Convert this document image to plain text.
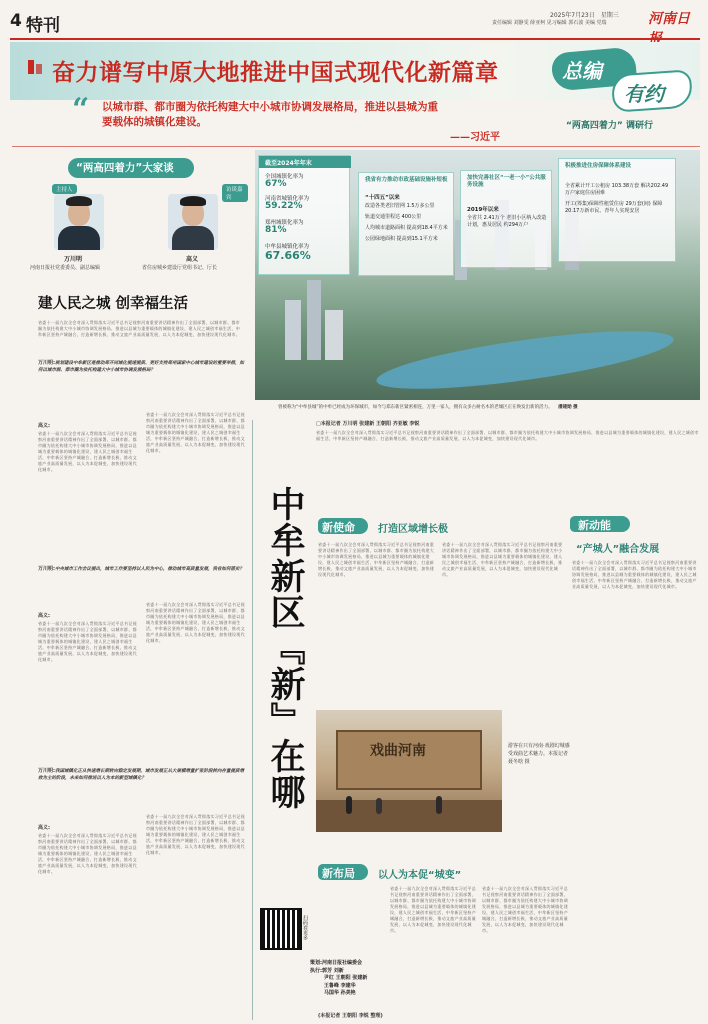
4 特刊
2025年7月23日　星期三
责任编辑 刘静雯 薛亚柯 见习编辑 郭石波 美编 党瑞	河南日报
奋力谱写中原大地推进中国式现代化新篇章	总编
有约
“两高四着力” 调研行
“ 以城市群、都市圈为依托构建大中小城市协调发展格局，推进以县城为重要载体的城镇化建设。
——习近平
“两高四着力”大家谈
主持人
万川明
河南日报社党委委员、副总编辑
访谈嘉宾
高义
省住房城乡建设厅党组书记、厅长
建人民之城 创幸福生活
省委十一届九次全会对深入贯彻落实习近平总书记视察河南重要讲话精神作出了全面部署，以城市群、都市圈为依托构建大中小城市协调发展格局，推进以县城为重要载体的城镇化建设，建人民之城创幸福生活，中牟新区坚持产城融合，打造新增长极，推动文旅产业高质量发展，以人为本促城变，加快建设现代化城市。
万川明:规划建设中牟新区是推动郑开同城化提速提质、更好支持郑州国家中心城市建设的重要举措，如何以城市群、都市圈为依托构建大中小城市协调发展格局？
高义:
省委十一届九次全会对深入贯彻落实习近平总书记视察河南重要讲话精神作出了全面部署，以城市群、都市圈为依托构建大中小城市协调发展格局，推进以县城为重要载体的城镇化建设，建人民之城创幸福生活，中牟新区坚持产城融合，打造新增长极，推动文旅产业高质量发展，以人为本促城变，加快建设现代化城市。
省委十一届九次全会对深入贯彻落实习近平总书记视察河南重要讲话精神作出了全面部署，以城市群、都市圈为依托构建大中小城市协调发展格局，推进以县城为重要载体的城镇化建设，建人民之城创幸福生活，中牟新区坚持产城融合，打造新增长极，推动文旅产业高质量发展，以人为本促城变，加快建设现代化城市。
万川明:中央城市工作会议提出，城市工作要坚持以人民为中心，推动城市高质量发展，我省如何落实？
高义:
省委十一届九次全会对深入贯彻落实习近平总书记视察河南重要讲话精神作出了全面部署，以城市群、都市圈为依托构建大中小城市协调发展格局，推进以县城为重要载体的城镇化建设，建人民之城创幸福生活，中牟新区坚持产城融合，打造新增长极，推动文旅产业高质量发展，以人为本促城变，加快建设现代化城市。
省委十一届九次全会对深入贯彻落实习近平总书记视察河南重要讲话精神作出了全面部署，以城市群、都市圈为依托构建大中小城市协调发展格局，推进以县城为重要载体的城镇化建设，建人民之城创幸福生活，中牟新区坚持产城融合，打造新增长极，推动文旅产业高质量发展，以人为本促城变，加快建设现代化城市。
万川明:我国城镇化正从快速增长期转向稳定发展期，城市发展正从大规模增量扩张阶段转向存量提质增效为主的阶段，未来如何推进以人为本的新型城镇化？
高义:
省委十一届九次全会对深入贯彻落实习近平总书记视察河南重要讲话精神作出了全面部署，以城市群、都市圈为依托构建大中小城市协调发展格局，推进以县城为重要载体的城镇化建设，建人民之城创幸福生活，中牟新区坚持产城融合，打造新增长极，推动文旅产业高质量发展，以人为本促城变，加快建设现代化城市。
省委十一届九次全会对深入贯彻落实习近平总书记视察河南重要讲话精神作出了全面部署，以城市群、都市圈为依托构建大中小城市协调发展格局，推进以县城为重要载体的城镇化建设，建人民之城创幸福生活，中牟新区坚持产城融合，打造新增长极，推动文旅产业高质量发展，以人为本促城变，加快建设现代化城市。
截至2024年年末
全国城镇化率为
67%
河南省城镇化率为
59.22%
郑州城镇化率为
81%
中牟县城镇化率为
67.66%
我省有力推动市政基础设施补短板
“十四五”以来
改造各类老旧管网 1.5万多公里
轨道交通里程达 400公里
人均城市道路面积 提高到18.4平方米
公园绿地面积 提高到15.1平方米
加快完善社区“一老一小”公共服务设施
2019年以来
全省共 2.41万个 老旧小区纳入改造计划，惠及居民 约294万户
积极推进住房保障体系建设
全省累计开工公租房 103.38万套 解决202.49万户家庭住房困难
开工(筹集)保障性租赁住房 29万套(间) 保障20.17万新市民、青年人实现安居
曾被称为“中牟县城”的中牟已经成为环保城市，如今与郑东新区紧密相连，万里一家人，拥有众多古树名木的老城区正在焕发出新的活力。 潘建勋 摄
□本报记者 万川明 张建新 王朝阳 齐亚敏 李锐
省委十一届九次全会对深入贯彻落实习近平总书记视察河南重要讲话精神作出了全面部署，以城市群、都市圈为依托构建大中小城市协调发展格局，推进以县城为重要载体的城镇化建设，建人民之城创幸福生活，中牟新区坚持产城融合，打造新增长极，推动文旅产业高质量发展，以人为本促城变，加快建设现代化城市。
中牟新区『新』在哪
扫码看更多
策划:河南日报社编委会
执行:郭芳 刘新
尹红 王朝阳 张建新
王鲁峰 李建华
马国华 孙美艳
新使命 打造区域增长极
省委十一届九次全会对深入贯彻落实习近平总书记视察河南重要讲话精神作出了全面部署，以城市群、都市圈为依托构建大中小城市协调发展格局，推进以县城为重要载体的城镇化建设，建人民之城创幸福生活，中牟新区坚持产城融合，打造新增长极，推动文旅产业高质量发展，以人为本促城变，加快建设现代化城市。
省委十一届九次全会对深入贯彻落实习近平总书记视察河南重要讲话精神作出了全面部署，以城市群、都市圈为依托构建大中小城市协调发展格局，推进以县城为重要载体的城镇化建设，建人民之城创幸福生活，中牟新区坚持产城融合，打造新增长极，推动文旅产业高质量发展，以人为本促城变，加快建设现代化城市。	新动能
“产城人”融合发展
省委十一届九次全会对深入贯彻落实习近平总书记视察河南重要讲话精神作出了全面部署，以城市群、都市圈为依托构建大中小城市协调发展格局，推进以县城为重要载体的城镇化建设，建人民之城创幸福生活，中牟新区坚持产城融合，打造新增长极，推动文旅产业高质量发展，以人为本促城变，加快建设现代化城市。
戏曲河南	游客在只有河南·戏剧幻城感受戏曲艺术魅力。本报记者 聂冬晗 摄
新布局 以人为本促“城变”
省委十一届九次全会对深入贯彻落实习近平总书记视察河南重要讲话精神作出了全面部署，以城市群、都市圈为依托构建大中小城市协调发展格局，推进以县城为重要载体的城镇化建设，建人民之城创幸福生活，中牟新区坚持产城融合，打造新增长极，推动文旅产业高质量发展，以人为本促城变，加快建设现代化城市。
省委十一届九次全会对深入贯彻落实习近平总书记视察河南重要讲话精神作出了全面部署，以城市群、都市圈为依托构建大中小城市协调发展格局，推进以县城为重要载体的城镇化建设，建人民之城创幸福生活，中牟新区坚持产城融合，打造新增长极，推动文旅产业高质量发展，以人为本促城变，加快建设现代化城市。
(本报记者 王朝阳 李锐 整理)
